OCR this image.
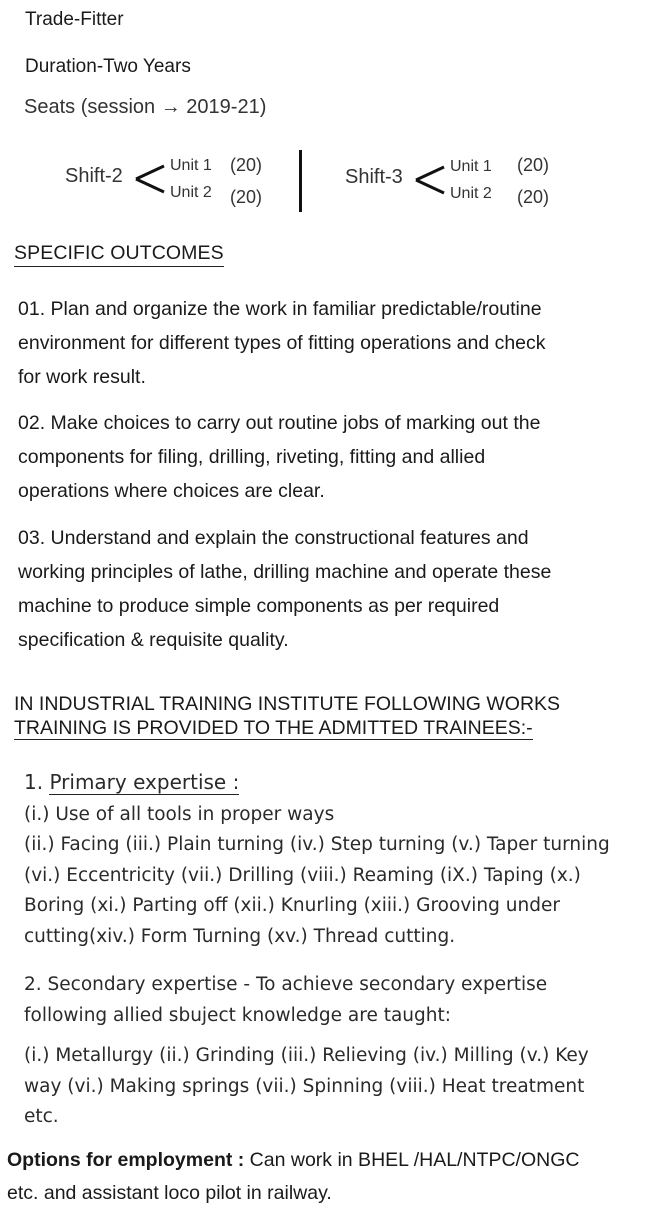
Trade-Fitter
Duration-Two Years
Seats (session → 2019-21)
Shift-2	Unit 1
Unit 2
(20)
(20)
Shift-3	Unit 1
Unit 2
(20)
(20)
SPECIFIC OUTCOMES

01. Plan and organize the work in familiar predictable/routine

environment for different types of fitting operations and check

for work result.

02. Make choices to carry out routine jobs of marking out the

components for filing, drilling, riveting, fitting and allied

operations where choices are clear.

03. Understand and explain the constructional features and

working principles of lathe, drilling machine and operate these

machine to produce simple components as per required

specification & requisite quality.

IN INDUSTRIAL TRAINING INSTITUTE FOLLOWING WORKS
TRAINING IS PROVIDED TO THE ADMITTED TRAINEES:-
1. Primary expertise :
(i.) Use of all tools in proper ways
(ii.) Facing (iii.) Plain turning (iv.) Step turning (v.) Taper turning
(vi.) Eccentricity (vii.) Drilling (viii.) Reaming (iX.) Taping (x.)
Boring (xi.) Parting off (xii.) Knurling (xiii.) Grooving under
cutting(xiv.) Form Turning (xv.) Thread cutting.
2. Secondary expertise - To achieve secondary expertise
following allied sbuject knowledge are taught:
(i.) Metallurgy (ii.) Grinding (iii.) Relieving (iv.) Milling (v.) Key
way (vi.) Making springs (vii.) Spinning (viii.) Heat treatment
etc.
Options for employment : Can work in BHEL /HAL/NTPC/ONGC
etc. and assistant loco pilot in railway.
